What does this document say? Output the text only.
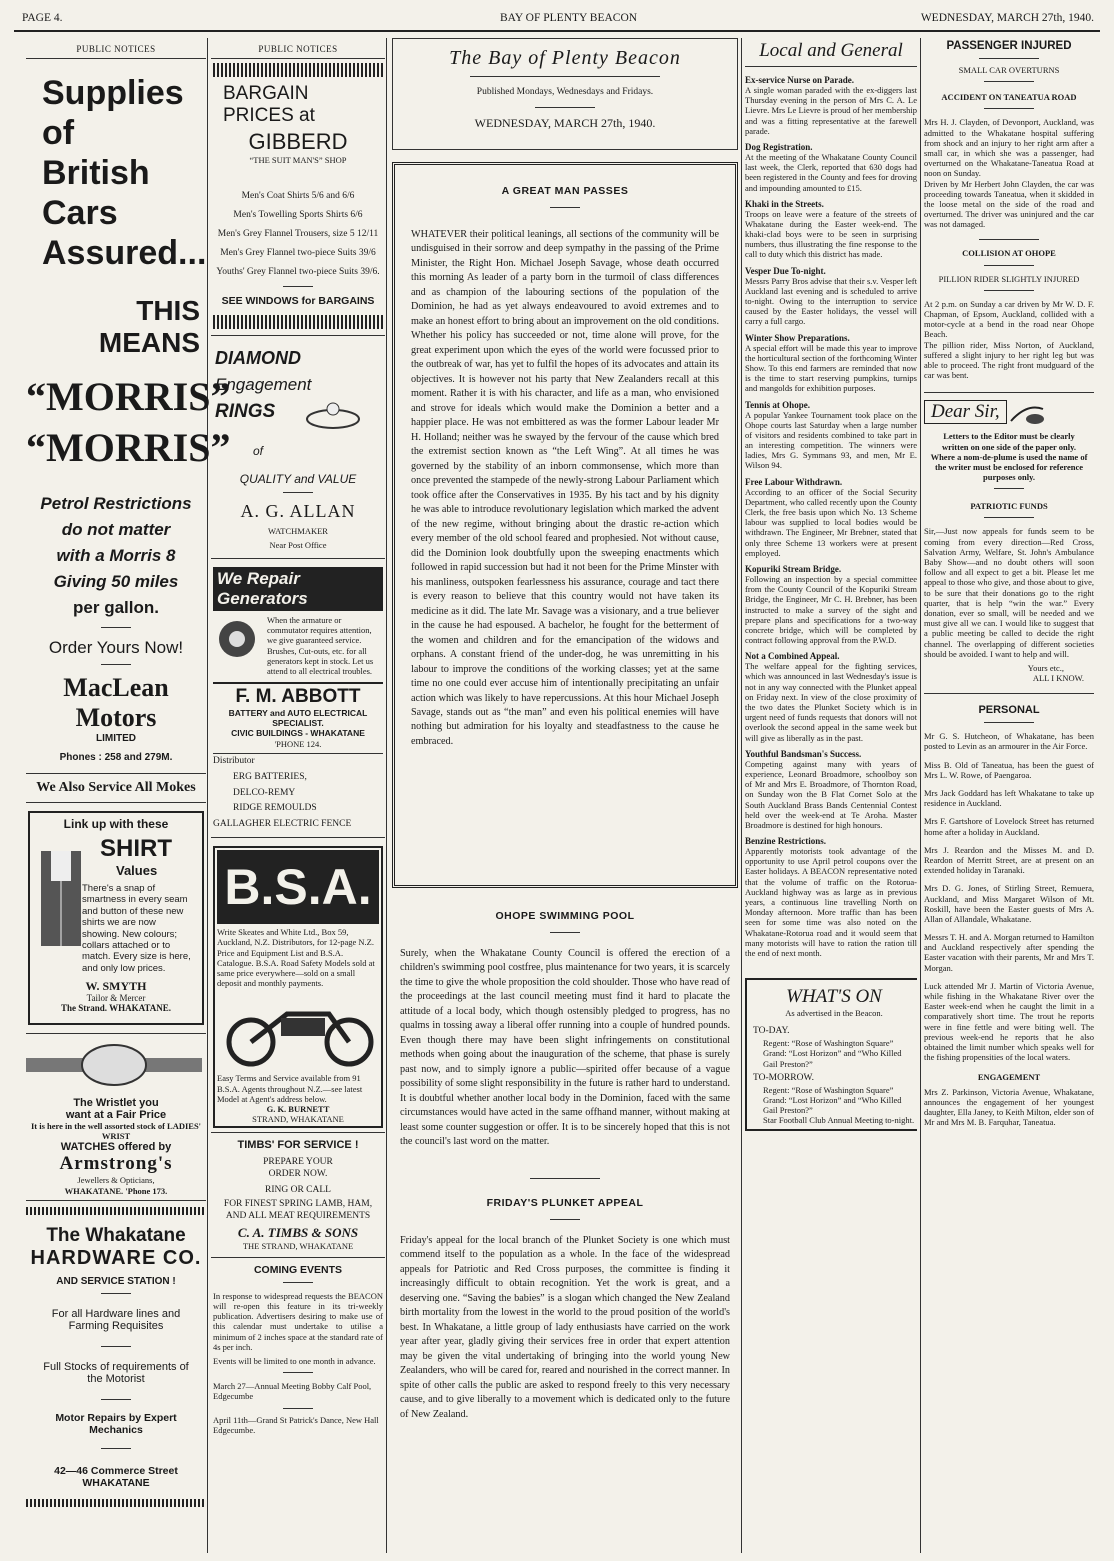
PAGE 4.	BAY OF PLENTY BEACON	WEDNESDAY, MARCH 27th, 1940.
PUBLIC NOTICES
Supplies of
British Cars
Assured...
THIS
MEANS
“MORRIS”
“MORRIS”
Petrol Restrictions
do not matter
with a Morris 8
Giving 50 miles
per gallon.
Order Yours Now!
MacLean Motors
LIMITED
Phones : 258 and 279M.
We Also Service All Mokes
Link up with these
SHIRT
Values
There's a snap of smartness in every seam and button of these new shirts we are now showing. New colours; collars attached or to match. Every size is here, and only low prices.
W. SMYTH
Tailor & Mercer
The Strand. WHAKATANE.
The Wristlet you
want at a Fair Price
It is here in the well assorted stock of LADIES' WRIST
WATCHES offered by
Armstrong's
Jewellers & Opticians,
WHAKATANE. 'Phone 173.
The Whakatane
HARDWARE CO.
AND SERVICE STATION !
For all Hardware lines and Farming Requisites
Full Stocks of requirements of the Motorist
Motor Repairs by Expert Mechanics
42—46 Commerce Street
WHAKATANE
PUBLIC NOTICES
BARGAIN
PRICES at
GIBBERD
“THE SUIT MAN'S” SHOP
Men's Coat Shirts 5/6 and 6/6
Men's Towelling Sports Shirts 6/6
Men's Grey Flannel Trousers, size 5 12/11
Men's Grey Flannel two-piece Suits 39/6
Youths' Grey Flannel two-piece Suits 39/6.
SEE WINDOWS for BARGAINS
DIAMOND
Engagement
RINGS
of
QUALITY and VALUE
A. G. ALLAN
WATCHMAKER
Near Post Office
We Repair Generators
When the armature or commutator requires attention, we give guaranteed service. Brushes, Cut-outs, etc. for all generators kept in stock. Let us attend to all electrical troubles.
F. M. ABBOTT
BATTERY and AUTO ELECTRICAL SPECIALIST.
CIVIC BUILDINGS - WHAKATANE
'PHONE 124.
Distributor
ERG BATTERIES,
DELCO-REMY
RIDGE REMOULDS
GALLAGHER ELECTRIC FENCE
B.S.A.
Write Skeates and White Ltd., Box 59, Auckland, N.Z. Distributors, for 12-page N.Z. Price and Equipment List and B.S.A. Catalogue. B.S.A. Road Safety Models sold at same price everywhere—sold on a small deposit and monthly payments.
Easy Terms and Service available from 91 B.S.A. Agents throughout N.Z.—see latest Model at Agent's address below.
G. K. BURNETT
STRAND, WHAKATANE
TIMBS' FOR SERVICE !
PREPARE YOUR
ORDER NOW.
RING OR CALL
FOR FINEST SPRING LAMB, HAM, AND ALL MEAT REQUIREMENTS
C. A. TIMBS & SONS
THE STRAND, WHAKATANE
COMING EVENTS
In response to widespread requests the BEACON will re-open this feature in its tri-weekly publication. Advertisers desiring to make use of this calendar must undertake to utilise a minimum of 2 inches space at the standard rate of 4s per inch.
Events will be limited to one month in advance.
March 27—Annual Meeting Bobby Calf Pool, Edgecumbe
April 11th—Grand St Patrick's Dance, New Hall Edgecumbe.
The Bay of Plenty Beacon
Published Mondays, Wednesdays and Fridays.
WEDNESDAY, MARCH 27th, 1940.
A GREAT MAN PASSES
WHATEVER their political leanings, all sections of the community will be undisguised in their sorrow and deep sympathy in the passing of the Prime Minister, the Right Hon. Michael Joseph Savage, whose death occurred this morning As leader of a party born in the turmoil of class differences and as champion of the labouring sections of the population of the Dominion, he had as yet always endeavoured to avoid extremes and to make an honest effort to bring about an improvement on the old conditions. Whether his policy has succeeded or not, time alone will prove, for the great experiment upon which the eyes of the world were focussed prior to the outbreak of war, has yet to fulfil the hopes of its advocates and attain its objectives. It is however not his party that New Zealanders recall at this moment. Rather it is with his character, and life as a man, who envisioned and strove for ideals which would make the Dominion a better and a happier place. He was not embittered as was the former Labour leader Mr H. Holland; neither was he swayed by the fervour of the cause which bred the extremist section known as “the Left Wing”. At all times he was governed by the stability of an inborn commonsense, which more than once prevented the stampede of the newly-strong Labour Parliament which took office after the Conservatives in 1935. By his tact and by his dignity he was able to introduce revolutionary legislation which marked the advent of the new regime, without bringing about the drastic re-action which every member of the old school feared and prophesied. Not without cause, did the Dominion look doubtfully upon the sweeping enactments which followed in rapid succession but had it not been for the Prime Minster with his manliness, outspoken fearlessness his assurance, courage and tact there is every reason to believe that this country would not have taken its medicine as it did. The late Mr. Savage was a visionary, and a true believer in the cause he had espoused. A bachelor, he fought for the betterment of the women and children and for the emancipation of the widows and orphans. A constant friend of the under-dog, he was unremitting in his labour to improve the conditions of the working classes; yet at the same time no one could ever accuse him of intentionally precipitating an unfair action which was likely to have repercussions. At this hour Michael Joseph Savage, stands out as “the man” and even his political enemies will have nothing but admiration for his loyalty and steadfastness to the cause he embraced.
OHOPE SWIMMING POOL
Surely, when the Whakatane County Council is offered the erection of a children's swimming pool costfree, plus maintenance for two years, it is scarcely the time to give the whole proposition the cold shoulder. Those who have read of the proceedings at the last council meeting must find it hard to placate the attitude of a local body, which though ostensibly pledged to progress, has no qualms in tossing away a liberal offer running into a couple of hundred pounds. Even though there may have been slight infringements on constitutional methods when going about the inauguration of the scheme, that phase is surely past now, and to simply ignore a public—spirited offer because of a vague possibility of some slight responsibility in the future is rather hard to understand. It is doubtful whether another local body in the Dominion, faced with the same circumstances would have acted in the same offhand manner, without making at least some counter suggestion or offer. It is to be sincerely hoped that this is not the council's last word on the matter.
FRIDAY'S PLUNKET APPEAL
Friday's appeal for the local branch of the Plunket Society is one which must commend itself to the population as a whole. In the face of the widespread appeals for Patriotic and Red Cross purposes, the committee is finding it increasingly difficult to obtain recognition. Yet the work is great, and a deserving one. “Saving the babies” is a slogan which changed the New Zealand birth mortality from the lowest in the world to the proud position of the world's best. In Whakatane, a little group of lady enthusiasts have carried on the work year after year, gladly giving their services free in order that expert attention may be given the vital undertaking of bringing into the world young New Zealanders, who will be cared for, reared and nourished in the correct manner. In spite of other calls the public are asked to respond freely to this very necessary cause, and to give liberally to a movement which is dedicated only to the future of New Zealand.
Local and General
Ex-service Nurse on Parade.
A single woman paraded with the ex-diggers last Thursday evening in the person of Mrs C. A. Le Lievre. Mrs Le Lievre is proud of her membership and was a fitting representative at the farewell parade.
Dog Registration.
At the meeting of the Whakatane County Council last week, the Clerk, reported that 630 dogs had been registered in the County and fees for droving and impounding amounted to £15.
Khaki in the Streets.
Troops on leave were a feature of the streets of Whakatane during the Easter week-end. The khaki-clad boys were to be seen in surprising numbers, thus illustrating the fine response to the call to duty which this district has made.
Vesper Due To-night.
Messrs Parry Bros advise that their s.v. Vesper left Auckland last evening and is scheduled to arrive to-night. Owing to the interruption to service caused by the Easter holidays, the vessel will carry a full cargo.
Winter Show Preparations.
A special effort will be made this year to improve the horticultural section of the forthcoming Winter Show. To this end farmers are reminded that now is the time to start reserving pumpkins, turnips and mangolds for exhibition purposes.
Tennis at Ohope.
A popular Yankee Tournament took place on the Ohope courts last Saturday when a large number of visitors and residents combined to take part in an interesting competition. The winners were ladies, Mrs G. Symmans 93, and men, Mr E. Wilson 94.
Free Labour Withdrawn.
According to an officer of the Social Security Department, who called recently upon the County Clerk, the free basis upon which No. 13 Scheme labour was supplied to local bodies would be withdrawn. The Engineer, Mr Brebner, stated that only three Scheme 13 workers were at present employed.
Kopuriki Stream Bridge.
Following an inspection by a special committee from the County Council of the Kopuriki Stream Bridge, the Engineer, Mr C. H. Brebner, has been instructed to make a survey of the sight and prepare plans and specifications for a two-way concrete bridge, which will be completed by contract following approval from the P.W.D.
Not a Combined Appeal.
The welfare appeal for the fighting services, which was announced in last Wednesday's issue is not in any way connected with the Plunket appeal on Friday next. In view of the close proximity of the two dates the Plunket Society which is in urgent need of funds requests that donors will not overlook the second appeal in the same week but will give as liberally as in the past.
Youthful Bandsman's Success.
Competing against many with years of experience, Leonard Broadmore, schoolboy son of Mr and Mrs E. Broadmore, of Thornton Road, on Sunday won the B Flat Cornet Solo at the South Auckland Brass Bands Centennial Contest held over the week-end at Te Aroha. Master Broadmore is destined for high honours.
Benzine Restrictions.
Apparently motorists took advantage of the opportunity to use April petrol coupons over the Easter holidays. A BEACON representative noted that the volume of traffic on the Rotorua-Auckland highway was as large as in previous years, a continuous line travelling North on Monday afternoon. More traffic than has been seen for some time was also noted on the Whakatane-Rotorua road and it would seem that many motorists will have to ration the ration till the end of next month.
WHAT'S ON
As advertised in the Beacon.
TO-DAY.
Regent: “Rose of Washington Square”
Grand: “Lost Horizon” and “Who Killed Gail Preston?”
TO-MORROW.
Regent: “Rose of Washington Square”
Grand: “Lost Horizon” and “Who Killed Gail Preston?”
Star Football Club Annual Meeting to-night.
PASSENGER INJURED
SMALL CAR OVERTURNS
ACCIDENT ON TANEATUA ROAD
Mrs H. J. Clayden, of Devonport, Auckland, was admitted to the Whakatane hospital suffering from shock and an injury to her right arm after a small car, in which she was a passenger, had overturned on the Whakatane-Taneatua Road at noon on Sunday.
Driven by Mr Herbert John Clayden, the car was proceeding towards Taneatua, when it skidded in the loose metal on the side of the road and overturned. The driver was uninjured and the car was not damaged.
COLLISION AT OHOPE
PILLION RIDER SLIGHTLY INJURED
At 2 p.m. on Sunday a car driven by Mr W. D. F. Chapman, of Epsom, Auckland, collided with a motor-cycle at a bend in the road near Ohope Beach.
The pillion rider, Miss Norton, of Auckland, suffered a slight injury to her right leg but was able to proceed. The right front mudguard of the car was bent.
Dear Sir,
Letters to the Editor must be clearly written on one side of the paper only. Where a nom-de-plume is used the name of the writer must be enclosed for reference purposes only.
PATRIOTIC FUNDS
Sir,—Just now appeals for funds seem to be coming from every direction—Red Cross, Salvation Army, Welfare, St. John's Ambulance Baby Show—and no doubt others will soon follow and all expect to get a bit. Please let me appeal to those who give, and those about to give, to be sure that their donations go to the right quarter, that is help “win the war.” Every donation, ever so small, will be needed and we must give all we can. I would like to suggest that a public meeting be called to decide the right channel. The overlapping of different societies should be avoided. I want to help and will.
Yours etc.,
ALL I KNOW.
PERSONAL
Mr G. S. Hutcheon, of Whakatane, has been posted to Levin as an armourer in the Air Force.
Miss B. Old of Taneatua, has been the guest of Mrs L. W. Rowe, of Paengaroa.
Mrs Jack Goddard has left Whakatane to take up residence in Auckland.
Mrs F. Gartshore of Lovelock Street has returned home after a holiday in Auckland.
Mrs J. Reardon and the Misses M. and D. Reardon of Merritt Street, are at present on an extended holiday in Taranaki.
Mrs D. G. Jones, of Stirling Street, Remuera, Auckland, and Miss Margaret Wilson of Mt. Roskill, have been the Easter guests of Mrs A. Allan of Allandale, Whakatane.
Messrs T. H. and A. Morgan returned to Hamilton and Auckland respectively after spending the Easter vacation with their parents, Mr and Mrs T. Morgan.
Luck attended Mr J. Martin of Victoria Avenue, while fishing in the Whakatane River over the Easter week-end when he caught the limit in a comparatively short time. The trout he reports were in fine fettle and were biting well. The previous week-end he reports that he also obtained the limit number which speaks well for the fishing propensities of the local waters.
ENGAGEMENT
Mrs Z. Parkinson, Victoria Avenue, Whakatane, announces the engagement of her youngest daughter, Ella Janey, to Keith Milton, elder son of Mr and Mrs M. B. Farquhar, Taneatua.
